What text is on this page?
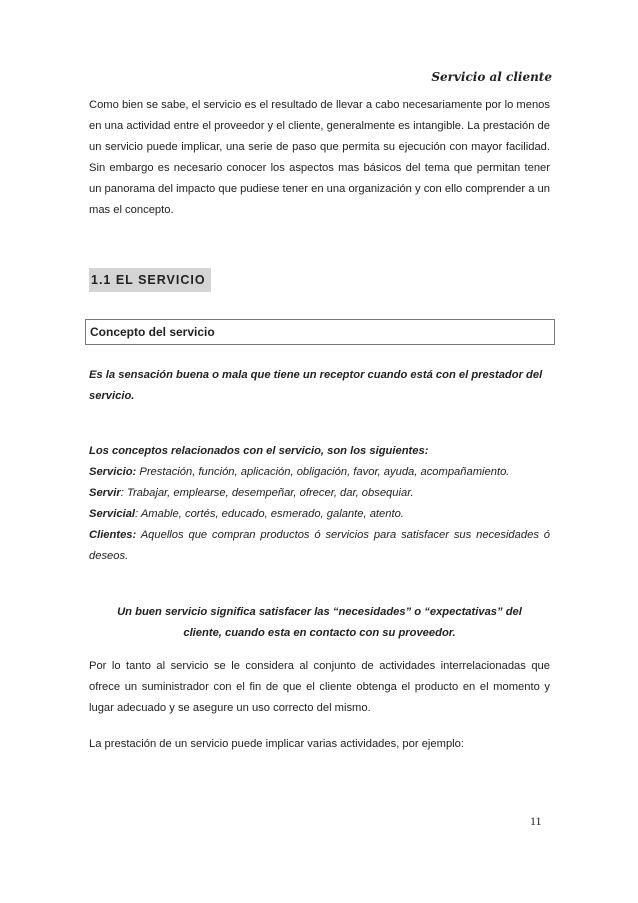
Servicio al cliente

Como bien se sabe, el servicio es el resultado de llevar a cabo necesariamente por lo menos en una actividad entre el proveedor y el cliente, generalmente es intangible. La prestación de un servicio puede implicar, una serie de paso que permita su ejecución con mayor facilidad. Sin embargo es necesario conocer los aspectos mas básicos del tema que permitan tener un panorama del impacto que pudiese tener en una organización y con ello comprender a un mas el concepto.

1.1 EL SERVICIO
Concepto del servicio

Es la sensación buena o mala que tiene un receptor cuando está con el prestador del servicio.

Los conceptos relacionados con el servicio, son los siguientes:
Servicio: Prestación, función, aplicación, obligación, favor, ayuda, acompañamiento.
Servir: Trabajar, emplearse, desempeñar, ofrecer, dar, obsequiar.
Servicial: Amable, cortés, educado, esmerado, galante, atento.
Clientes: Aquellos que compran productos ó servicios para satisfacer sus necesidades ó deseos.
Un buen servicio significa satisfacer las “necesidades” o “expectativas” del
cliente, cuando esta en contacto con su proveedor.

Por lo tanto al servicio se le considera al conjunto de actividades interrelacionadas que ofrece un suministrador con el fin de que el cliente obtenga el producto en el momento y lugar adecuado y se asegure un uso correcto del mismo.

La prestación de un servicio puede implicar varias actividades, por ejemplo:

11
